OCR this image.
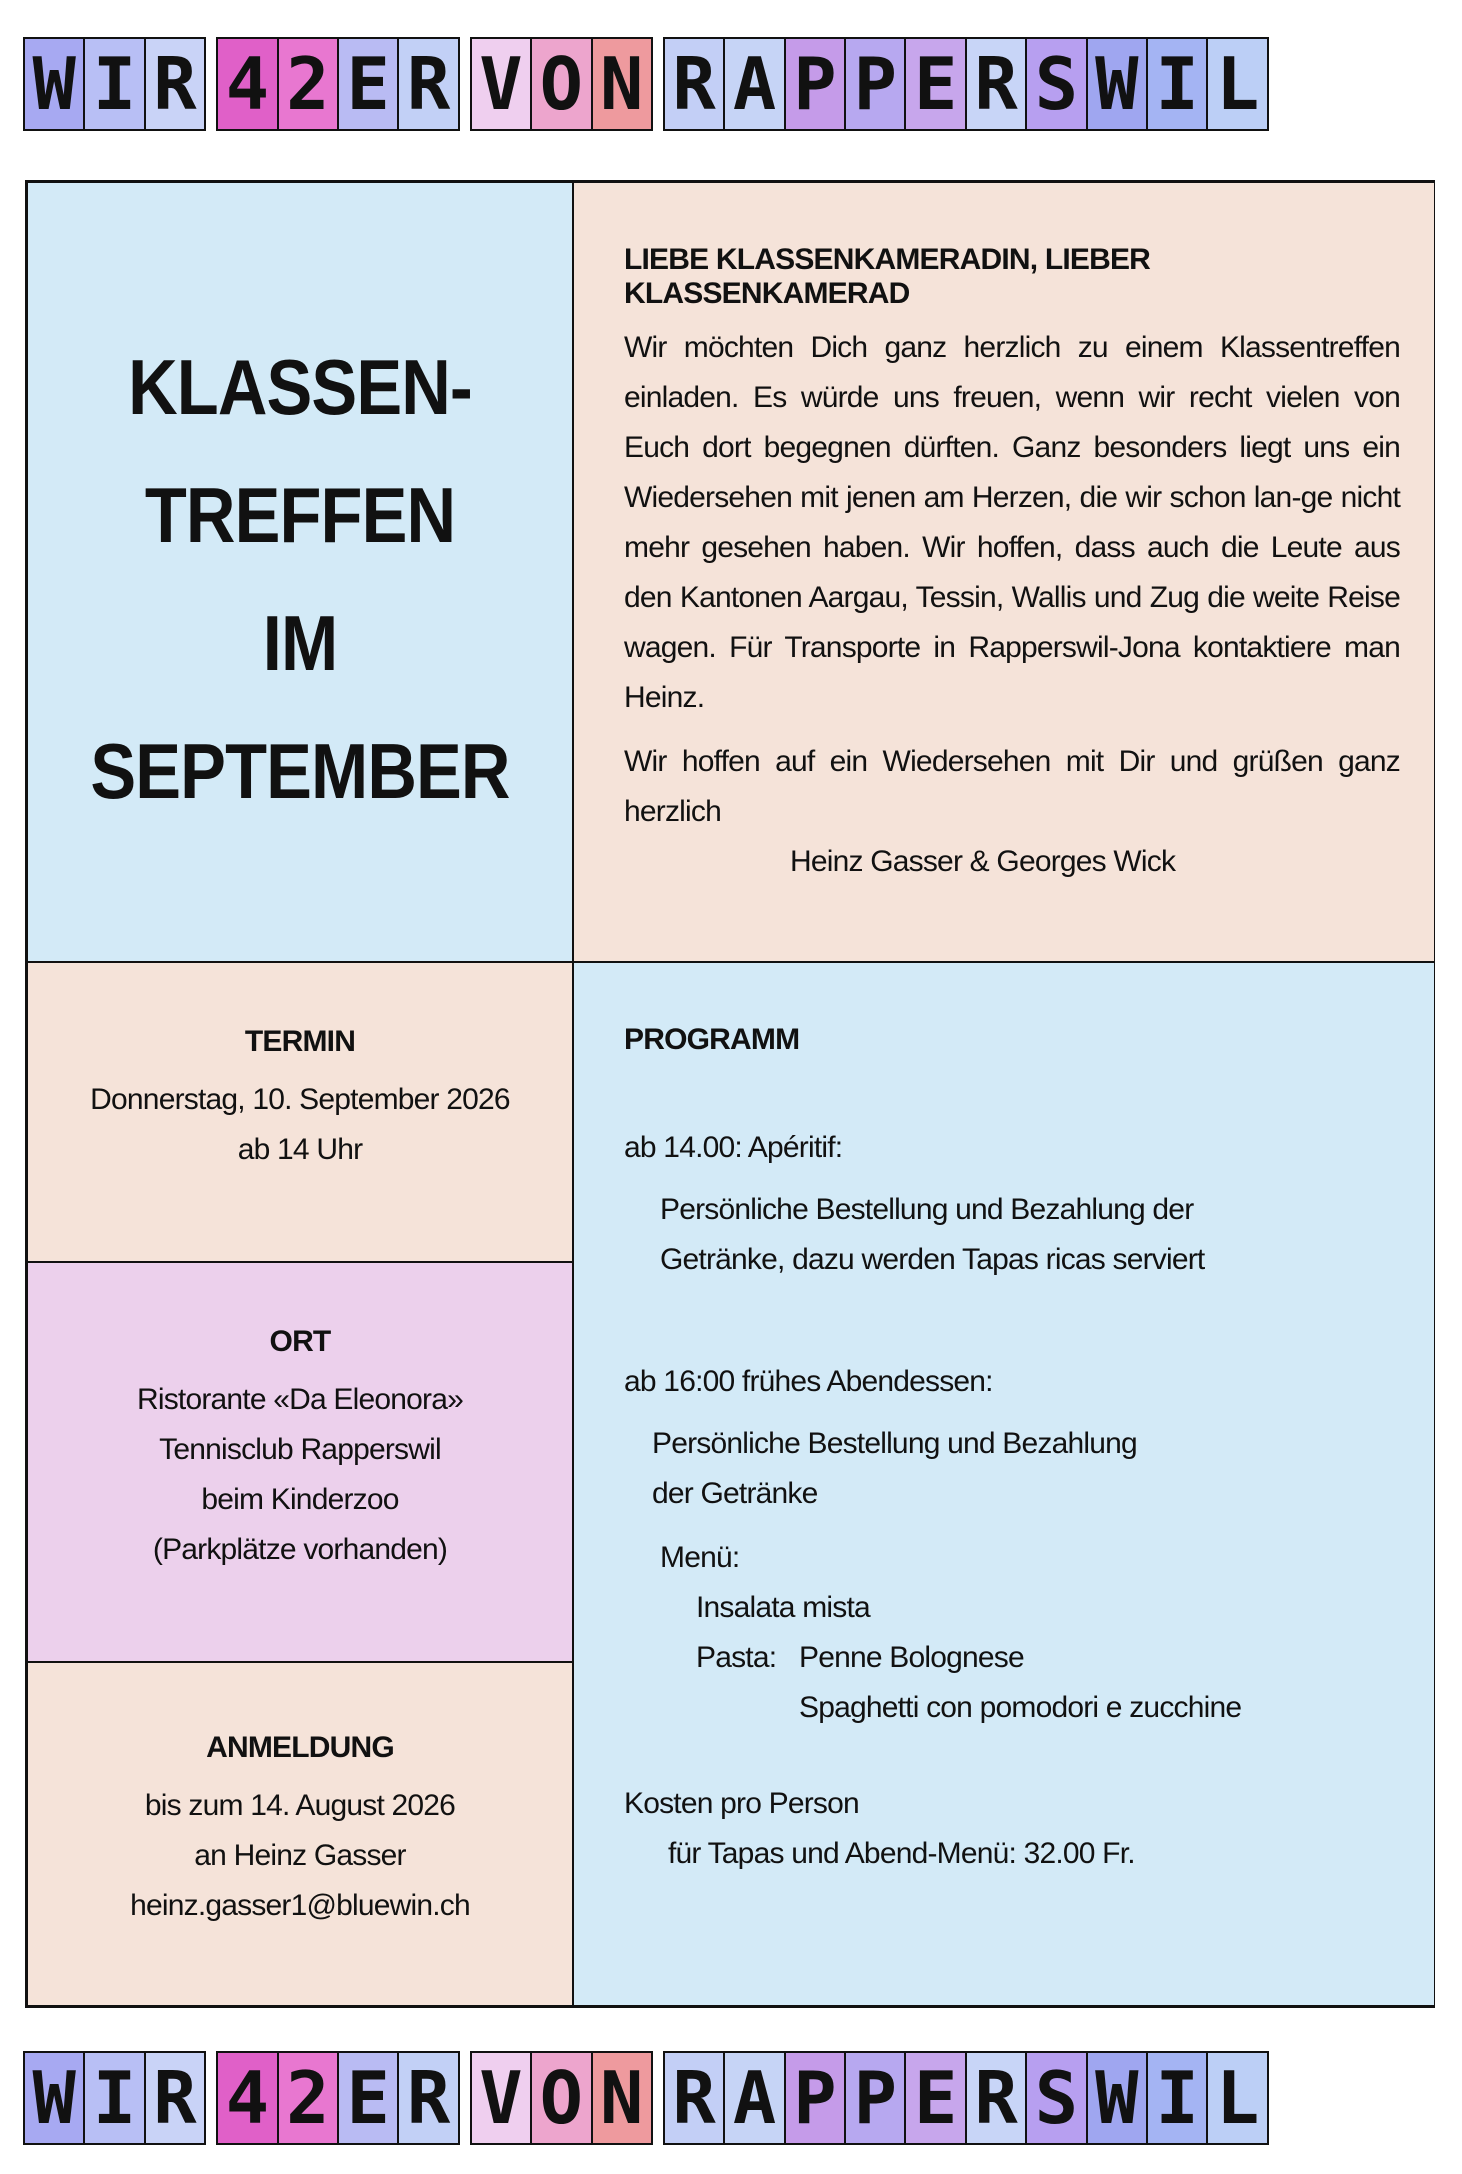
W I R 4 2 E R V O N R A P P E R S W I L
KLASSEN-
TREFFEN
IM
SEPTEMBER
LIEBE KLASSENKAMERADIN, LIEBER KLASSENKAMERAD

Wir möchten Dich ganz herzlich zu einem Klassentreffen einladen. Es würde uns freuen, wenn wir recht vielen von Euch dort begegnen dürften. Ganz besonders liegt uns ein Wiedersehen mit jenen am Herzen, die wir schon lan-ge nicht mehr gesehen haben. Wir hoffen, dass auch die Leute aus den Kantonen Aargau, Tessin, Wallis und Zug die weite Reise wagen. Für Transporte in Rapperswil-Jona kontaktiere man Heinz.

Wir hoffen auf ein Wiedersehen mit Dir und grüßen ganz herzlich

Heinz Gasser & Georges Wick
TERMIN
Donnerstag, 10. September 2026
ab 14 Uhr
ORT
Ristorante «Da Eleonora»
Tennisclub Rapperswil
beim Kinderzoo
(Parkplätze vorhanden)
ANMELDUNG
bis zum 14. August 2026
an Heinz Gasser
heinz.gasser1@bluewin.ch
PROGRAMM
ab 14.00: Apéritif:
Persönliche Bestellung und Bezahlung der
Getränke, dazu werden Tapas ricas serviert
ab 16:00 frühes Abendessen:
Persönliche Bestellung und Bezahlung
der Getränke
Menü:
Insalata mista
Pasta: Penne Bolognese
Spaghetti con pomodori e zucchine
Kosten pro Person
für Tapas und Abend-Menü: 32.00 Fr.
W I R 4 2 E R V O N R A P P E R S W I L
